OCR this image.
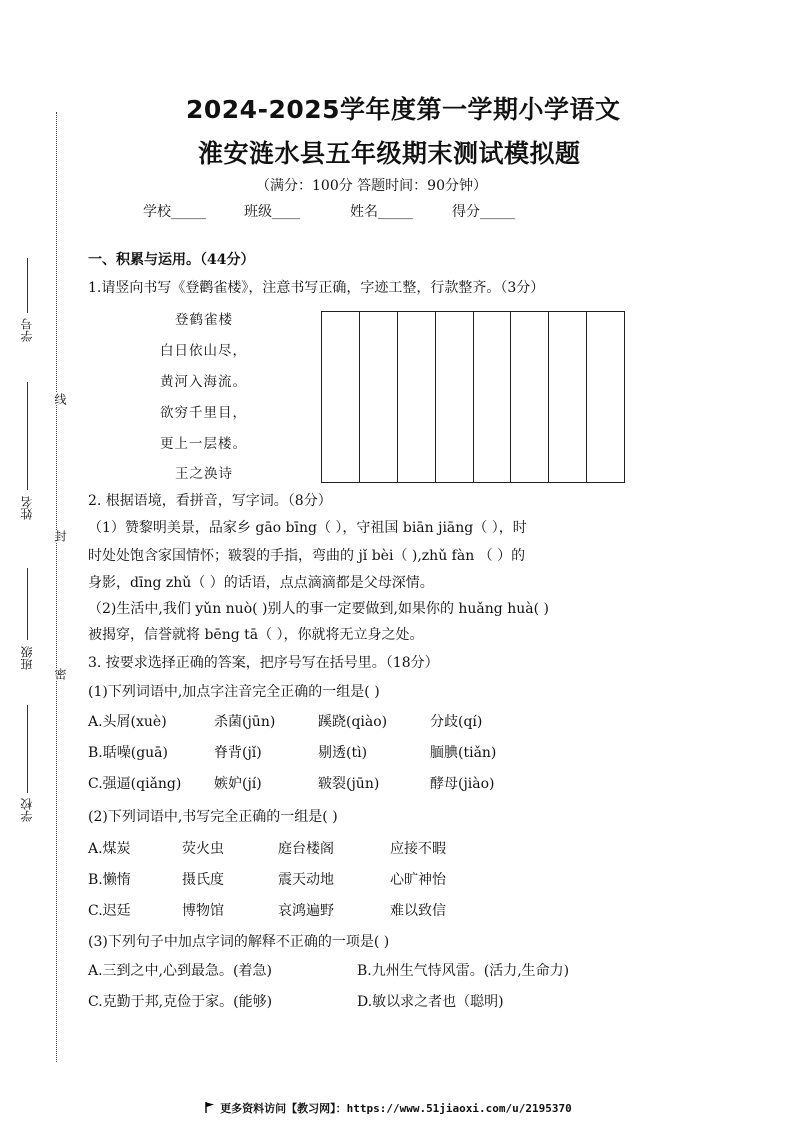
学号
姓名
班级
学校
线
封
密
2024-2025学年度第一学期小学语文
淮安涟水县五年级期末测试模拟题
（满分：100分 答题时间：90分钟）
学校_____	班级____	姓名_____	得分_____
一、积累与运用。（44分）
1.请竖向书写《登鹳雀楼》，注意书写正确，字迹工整，行款整齐。（3分）
登鹤雀楼
白日依山尽，
黄河入海流。
欲穷千里目，
更上一层楼。
王之涣诗
2. 根据语境，看拼音，写字词。（8分）
（1）赞黎明美景，品家乡 gāo bīng（ ），守祖国 biān jiāng（ ），时
时处处饱含家国情怀；皲裂的手指，弯曲的 jǐ bèi（ ),zhǔ fàn （ ）的
身影，dīng zhǔ（ ）的话语，点点滴滴都是父母深情。
（2)生活中,我们 yǔn nuò( )别人的事一定要做到,如果你的 huǎng huà( )
被揭穿，信誉就将 bēng tā（ ），你就将无立身之处。
3. 按要求选择正确的答案，把序号写在括号里。（18分）
(1)下列词语中,加点字注音完全正确的一组是( )
A.头屑(xuè)	杀菌(jūn)	蹊跷(qiào)	分歧(qí)
B.聒噪(guā)	脊背(jǐ)	剔透(tì)	腼腆(tiǎn)
C.强逼(qiǎng) 嫉妒(jí)	皲裂(jūn)	酵母(jiào)
(2)下列词语中,书写完全正确的一组是( )
A.煤炭	荧火虫	庭台楼阁	应接不暇
B.懒惰	摄氏度	震天动地	心旷神怡
C.迟廷	博物馆	哀鸿遍野	难以致信
(3)下列句子中加点字词的解释不正确的一项是( )
A.三到之中,心到最急。(着急)	B.九州生气恃风雷。(活力,生命力)
C.克勤于邦,克俭于家。(能够)	D.敏以求之者也（聪明)
更多资料访问【教习网】：https://www.51jiaoxi.com/u/2195370
